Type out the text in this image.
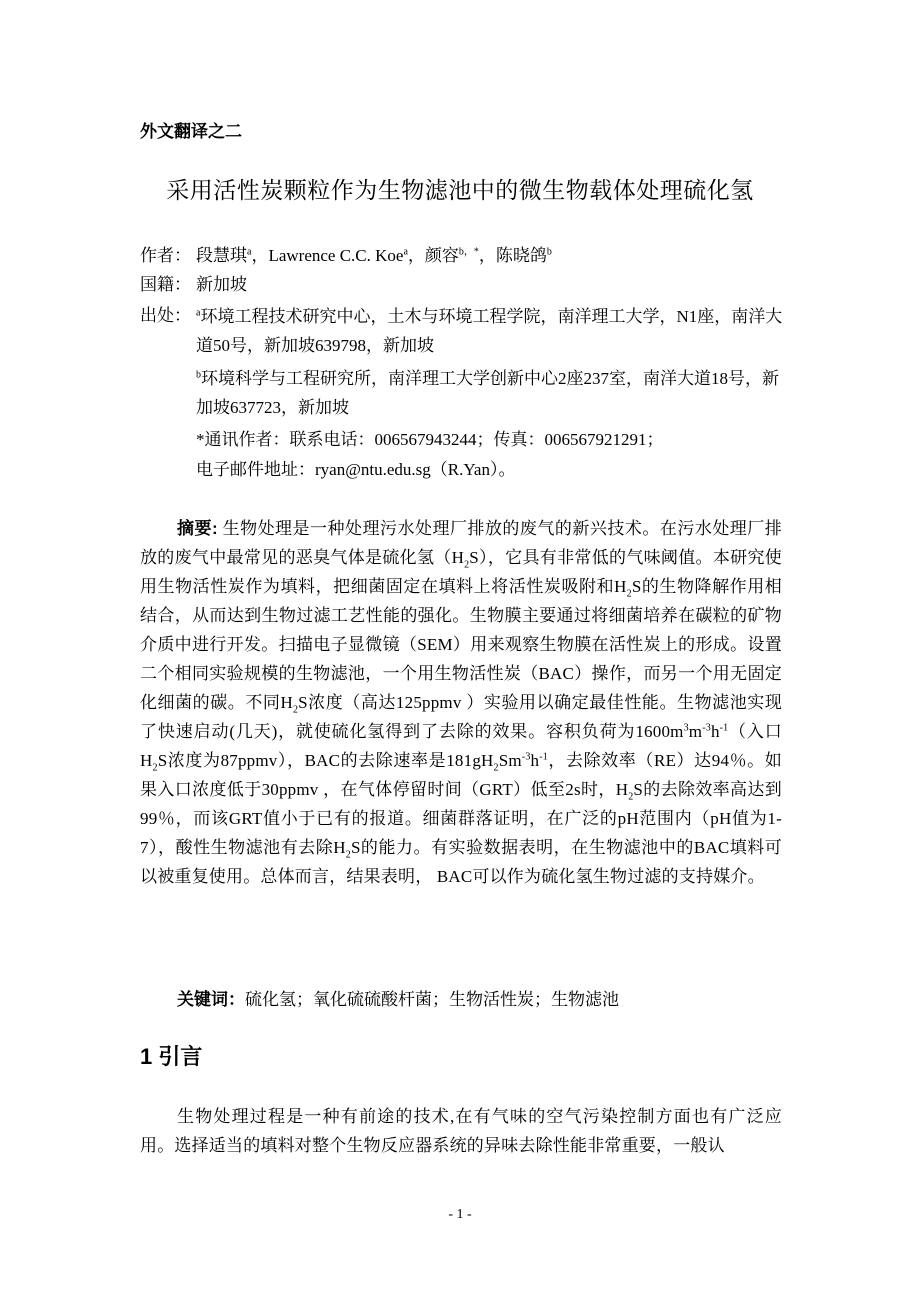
外文翻译之二
采用活性炭颗粒作为生物滤池中的微生物载体处理硫化氢
作者： 段慧琪$^a$，Lawrence C.C. Koe$^a$，颜容$^{b,*}$，陈晓鸽$^b$
国籍： 新加坡
出处： $^a$环境工程技术研究中心，土木与环境工程学院，南洋理工大学，N1座，南洋大道50号，新加坡639798，新加坡
$^b$环境科学与工程研究所，南洋理工大学创新中心2座237室，南洋大道18号，新加坡637723，新加坡
*通讯作者：联系电话：006567943244；传真：006567921291；
电子邮件地址：ryan@ntu.edu.sg（R.Yan）。
摘要: 生物处理是一种处理污水处理厂排放的废气的新兴技术。在污水处理厂排放的废气中最常见的恶臭气体是硫化氢$(H_2S)$，它具有非常低的气味阈值。本研究使用生物活性炭作为填料，把细菌固定在填料上将活性炭吸附和$H_2S$的生物降解作用相结合，从而达到生物过滤工艺性能的强化。生物膜主要通过将细菌培养在碳粒的矿物介质中进行开发。扫描电子显微镜（SEM）用来观察生物膜在活性炭上的形成。设置二个相同实验规模的生物滤池，一个用生物活性炭（BAC）操作，而另一个用无固定化细菌的碳。不同$H_2S$浓度（高达125ppmv ）实验用以确定最佳性能。生物滤池实现了快速启动(几天)，就使硫化氢得到了去除的效果。容积负荷为$1600m^3m^{-3}h^{-1}$（入口$H_2S$浓度为87ppmv），BAC的去除速率是$181gH_2Sm^{-3}h^{-1}$，去除效率（RE）达94％。如果入口浓度低于30ppmv ，在气体停留时间（GRT）低至2s时，$H_2S$的去除效率高达到99％，而该GRT值小于已有的报道。细菌群落证明，在广泛的pH范围内（pH值为1-7），酸性生物滤池有去除$H_2S$的能力。有实验数据表明，在生物滤池中的BAC填料可以被重复使用。总体而言，结果表明， BAC可以作为硫化氢生物过滤的支持媒介。
关键词：硫化氢；氧化硫硫酸杆菌；生物活性炭；生物滤池
1 引言
生物处理过程是一种有前途的技术,在有气味的空气污染控制方面也有广泛应用。选择适当的填料对整个生物反应器系统的异味去除性能非常重要，一般认
- 1 -
